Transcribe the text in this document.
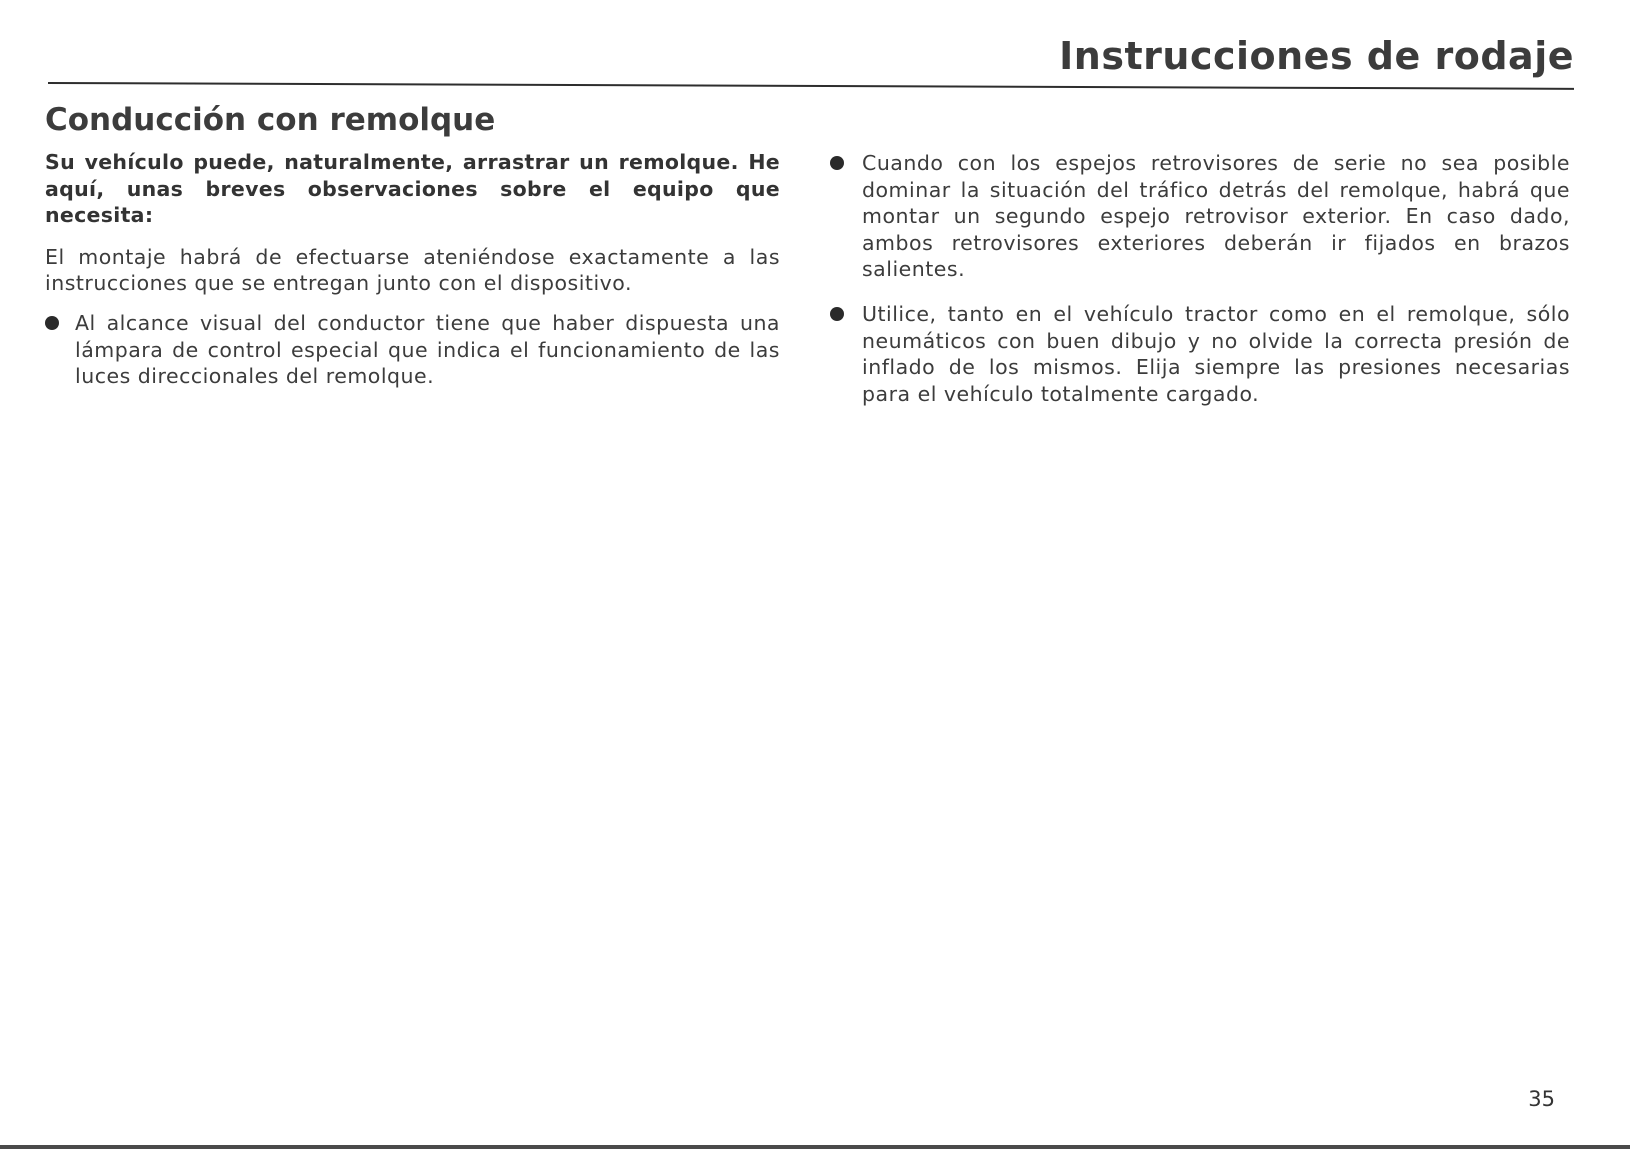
Instrucciones de rodaje
Conducción con remolque

Su vehículo puede, naturalmente, arrastrar un remolque. He aquí, unas breves observaciones sobre el equipo que necesita:

El montaje habrá de efectuarse ateniéndose exactamente a las instrucciones que se entregan junto con el dispositivo.

Al alcance visual del conductor tiene que haber dispuesta una lámpara de control especial que indica el funcionamiento de las luces direccionales del remolque.
Cuando con los espejos retrovisores de serie no sea posible dominar la situación del tráfico detrás del remolque, habrá que montar un segundo espejo retrovisor exterior. En caso dado, ambos retrovisores exteriores deberán ir fijados en brazos salientes.
Utilice, tanto en el vehículo tractor como en el remolque, sólo neumáticos con buen dibujo y no olvide la correcta presión de inflado de los mismos. Elija siempre las presiones necesarias para el vehículo totalmente cargado.
35
